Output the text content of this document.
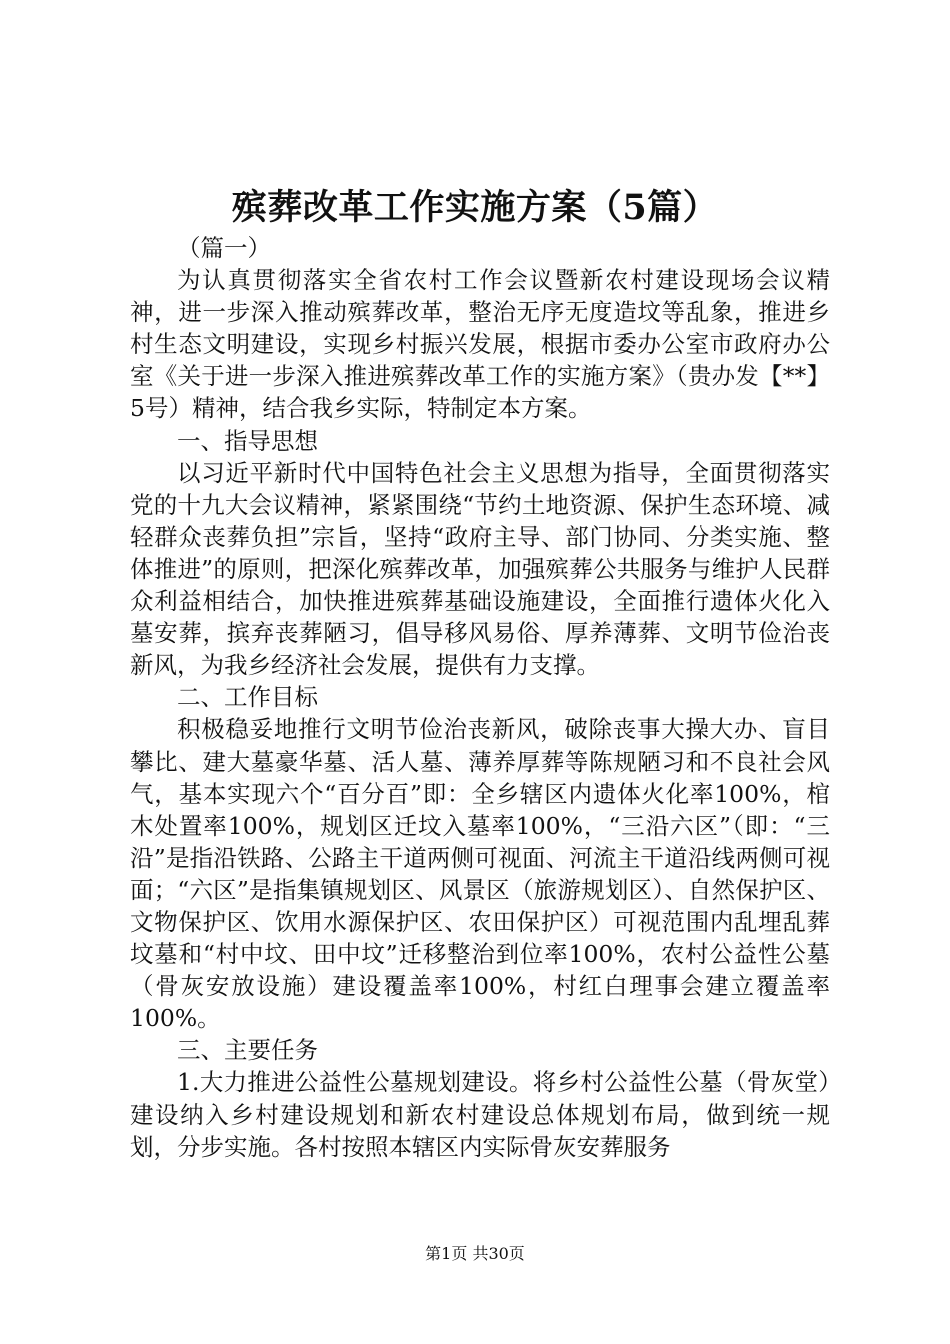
殡葬改革工作实施方案（5篇）

（篇一）

为认真贯彻落实全省农村工作会议暨新农村建设现场会议精神，进一步深入推动殡葬改革，整治无序无度造坟等乱象，推进乡村生态文明建设，实现乡村振兴发展，根据市委办公室市政府办公室《关于进一步深入推进殡葬改革工作的实施方案》（贵办发【**】5号）精神，结合我乡实际，特制定本方案。

一、指导思想

以习近平新时代中国特色社会主义思想为指导，全面贯彻落实党的十九大会议精神，紧紧围绕“节约土地资源、保护生态环境、减轻群众丧葬负担”宗旨，坚持“政府主导、部门协同、分类实施、整体推进”的原则，把深化殡葬改革，加强殡葬公共服务与维护人民群众利益相结合，加快推进殡葬基础设施建设，全面推行遗体火化入墓安葬，摈弃丧葬陋习，倡导移风易俗、厚养薄葬、文明节俭治丧新风，为我乡经济社会发展，提供有力支撑。

二、工作目标

积极稳妥地推行文明节俭治丧新风，破除丧事大操大办、盲目攀比、建大墓豪华墓、活人墓、薄养厚葬等陈规陋习和不良社会风气，基本实现六个“百分百”即：全乡辖区内遗体火化率100%，棺木处置率100%，规划区迁坟入墓率100%，“三沿六区”（即：“三沿”是指沿铁路、公路主干道两侧可视面、河流主干道沿线两侧可视面；“六区”是指集镇规划区、风景区（旅游规划区）、自然保护区、文物保护区、饮用水源保护区、农田保护区）可视范围内乱埋乱葬坟墓和“村中坟、田中坟”迁移整治到位率100%，农村公益性公墓（骨灰安放设施）建设覆盖率100%，村红白理事会建立覆盖率100%。

三、主要任务

1.大力推进公益性公墓规划建设。将乡村公益性公墓（骨灰堂）建设纳入乡村建设规划和新农村建设总体规划布局，做到统一规划，分步实施。各村按照本辖区内实际骨灰安葬服务

第1页 共30页
